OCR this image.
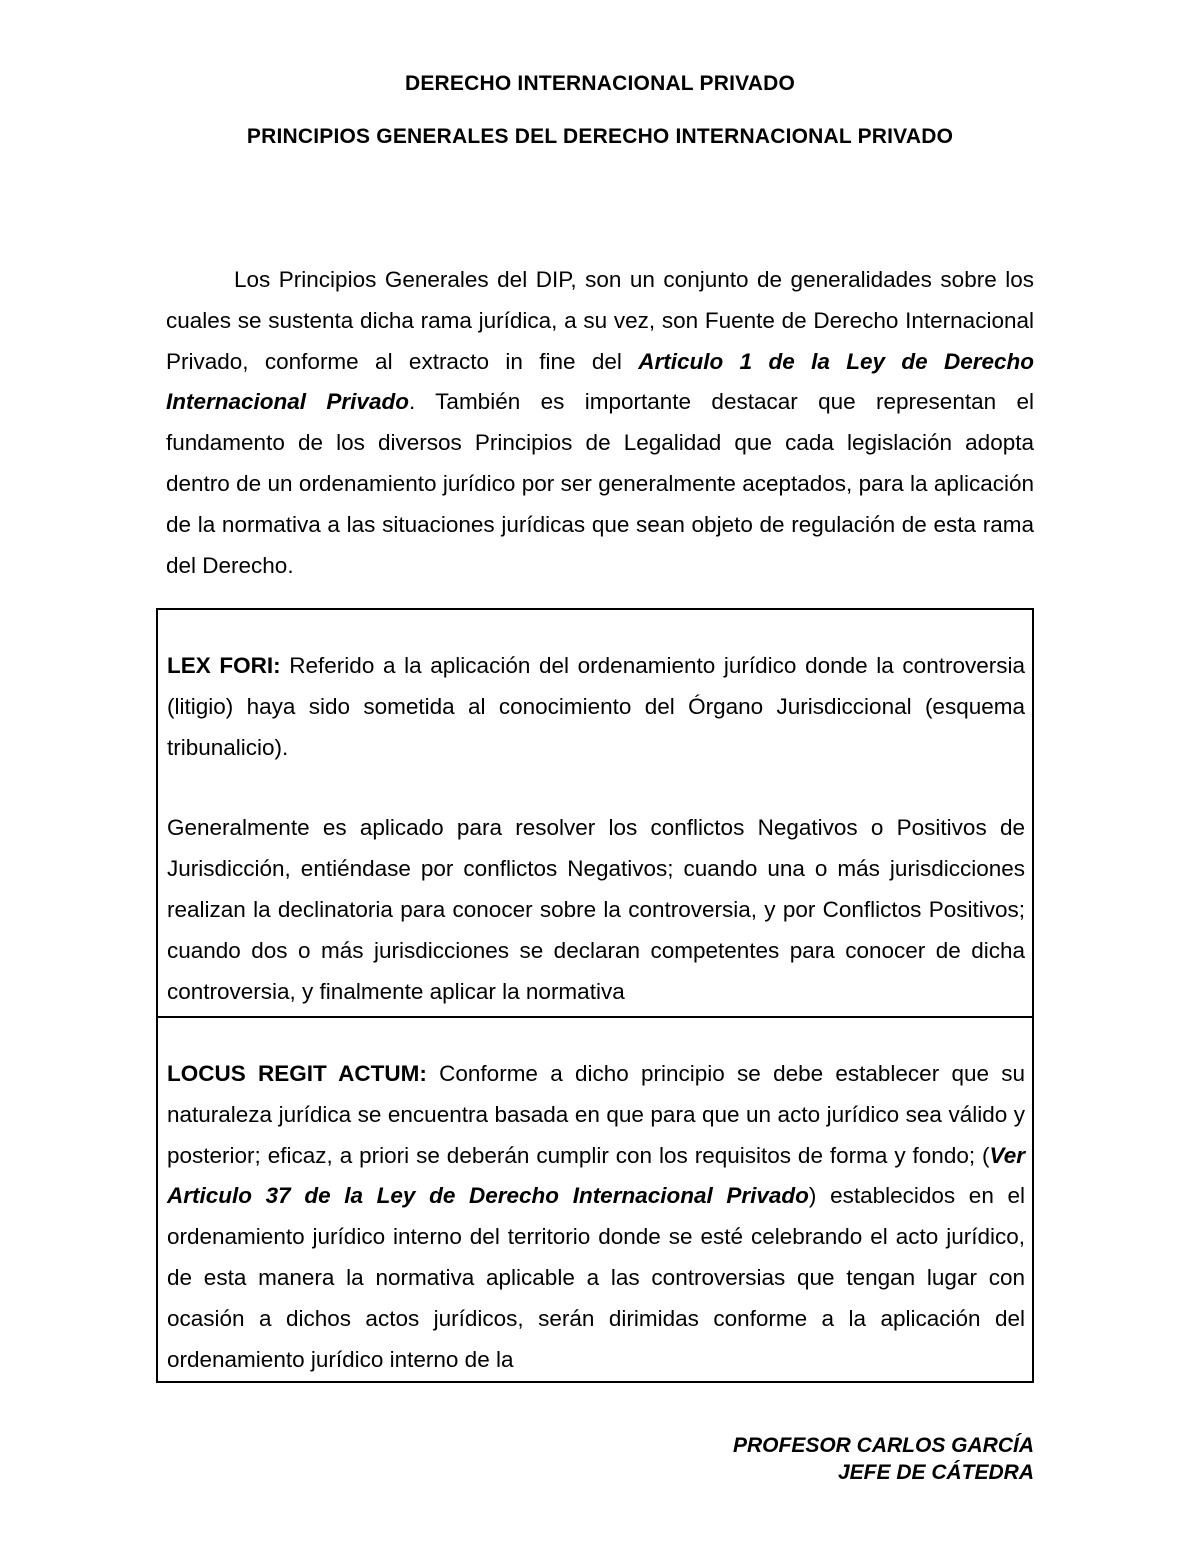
DERECHO INTERNACIONAL PRIVADO
PRINCIPIOS GENERALES DEL DERECHO INTERNACIONAL PRIVADO

Los Principios Generales del DIP, son un conjunto de generalidades sobre los cuales se sustenta dicha rama jurídica, a su vez, son Fuente de Derecho Internacional Privado, conforme al extracto in fine del Articulo 1 de la Ley de Derecho Internacional Privado. También es importante destacar que representan el fundamento de los diversos Principios de Legalidad que cada legislación adopta dentro de un ordenamiento jurídico por ser generalmente aceptados, para la aplicación de la normativa a las situaciones jurídicas que sean objeto de regulación de esta rama del Derecho.

LEX FORI: Referido a la aplicación del ordenamiento jurídico donde la controversia (litigio) haya sido sometida al conocimiento del Órgano Jurisdiccional (esquema tribunalicio).

Generalmente es aplicado para resolver los conflictos Negativos o Positivos de Jurisdicción, entiéndase por conflictos Negativos; cuando una o más jurisdicciones realizan la declinatoria para conocer sobre la controversia, y por Conflictos Positivos; cuando dos o más jurisdicciones se declaran competentes para conocer de dicha controversia, y finalmente aplicar la normativa

LOCUS REGIT ACTUM: Conforme a dicho principio se debe establecer que su naturaleza jurídica se encuentra basada en que para que un acto jurídico sea válido y posterior; eficaz, a priori se deberán cumplir con los requisitos de forma y fondo; (Ver Articulo 37 de la Ley de Derecho Internacional Privado) establecidos en el ordenamiento jurídico interno del territorio donde se esté celebrando el acto jurídico, de esta manera la normativa aplicable a las controversias que tengan lugar con ocasión a dichos actos jurídicos, serán dirimidas conforme a la aplicación del ordenamiento jurídico interno de la

PROFESOR CARLOS GARCÍA
JEFE DE CÁTEDRA
